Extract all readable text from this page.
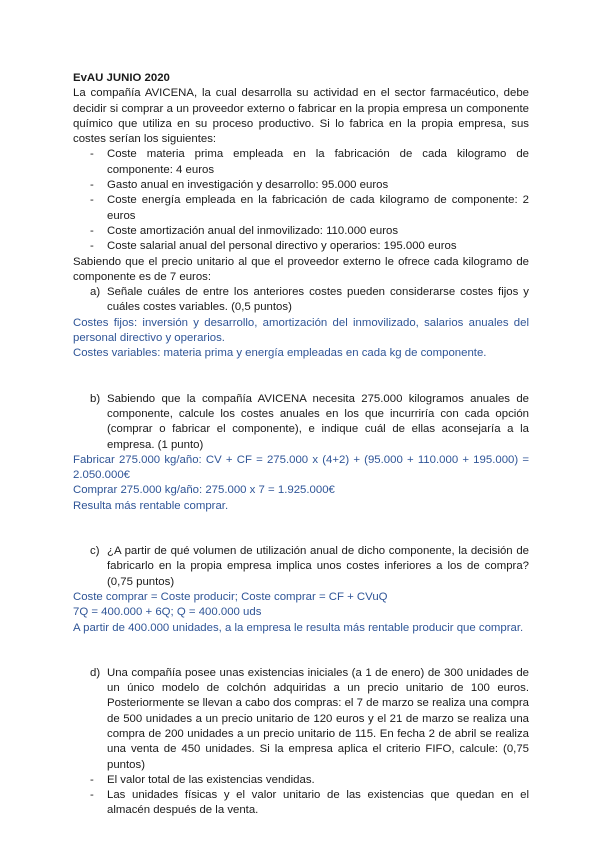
EvAU JUNIO 2020

La compañía AVICENA, la cual desarrolla su actividad en el sector farmacéutico, debe decidir si comprar a un proveedor externo o fabricar en la propia empresa un componente químico que utiliza en su proceso productivo. Si lo fabrica en la propia empresa, sus costes serían los siguientes:

- Coste materia prima empleada en la fabricación de cada kilogramo de componente: 4 euros
- Gasto anual en investigación y desarrollo: 95.000 euros
- Coste energía empleada en la fabricación de cada kilogramo de componente: 2 euros
- Coste amortización anual del inmovilizado: 110.000 euros
- Coste salarial anual del personal directivo y operarios: 195.000 euros

Sabiendo que el precio unitario al que el proveedor externo le ofrece cada kilogramo de componente es de 7 euros:

a) Señale cuáles de entre los anteriores costes pueden considerarse costes fijos y cuáles costes variables. (0,5 puntos)

Costes fijos: inversión y desarrollo, amortización del inmovilizado, salarios anuales del personal directivo y operarios.

Costes variables: materia prima y energía empleadas en cada kg de componente.

b) Sabiendo que la compañía AVICENA necesita 275.000 kilogramos anuales de componente, calcule los costes anuales en los que incurriría con cada opción (comprar o fabricar el componente), e indique cuál de ellas aconsejaría a la empresa. (1 punto)

Fabricar 275.000 kg/año: CV + CF = 275.000 x (4+2) + (95.000 + 110.000 + 195.000) = 2.050.000€

Comprar 275.000 kg/año: 275.000 x 7 = 1.925.000€

Resulta más rentable comprar.

c) ¿A partir de qué volumen de utilización anual de dicho componente, la decisión de fabricarlo en la propia empresa implica unos costes inferiores a los de compra? (0,75 puntos)

Coste comprar = Coste producir; Coste comprar = CF + CVuQ

7Q = 400.000 + 6Q; Q = 400.000 uds

A partir de 400.000 unidades, a la empresa le resulta más rentable producir que comprar.

d) Una compañía posee unas existencias iniciales (a 1 de enero) de 300 unidades de un único modelo de colchón adquiridas a un precio unitario de 100 euros. Posteriormente se llevan a cabo dos compras: el 7 de marzo se realiza una compra de 500 unidades a un precio unitario de 120 euros y el 21 de marzo se realiza una compra de 200 unidades a un precio unitario de 115. En fecha 2 de abril se realiza una venta de 450 unidades. Si la empresa aplica el criterio FIFO, calcule: (0,75 puntos)
- El valor total de las existencias vendidas.
- Las unidades físicas y el valor unitario de las existencias que quedan en el almacén después de la venta.
